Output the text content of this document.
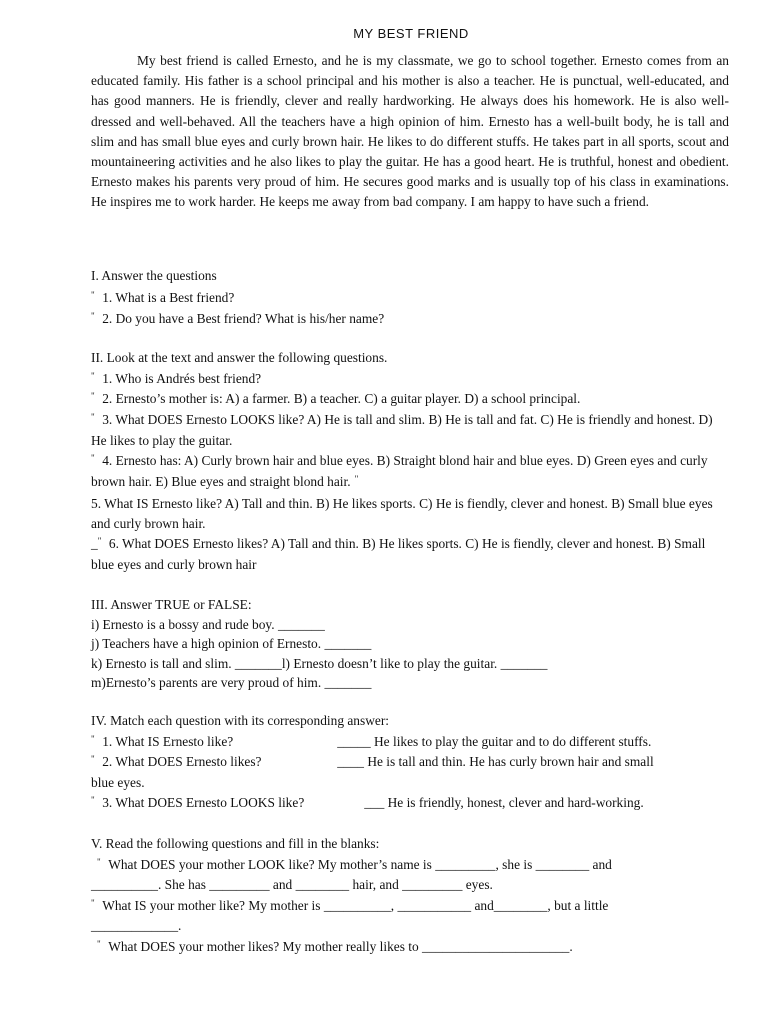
MY BEST FRIEND

My best friend is called Ernesto, and he is my classmate, we go to school together. Ernesto comes from an educated family. His father is a school principal and his mother is also a teacher. He is punctual, well-educated, and has good manners. He is friendly, clever and really hardworking. He always does his homework. He is also well-dressed and well-behaved. All the teachers have a high opinion of him. Ernesto has a well-built body, he is tall and slim and has small blue eyes and curly brown hair. He likes to do different stuffs. He takes part in all sports, scout and mountaineering activities and he also likes to play the guitar. He has a good heart. He is truthful, honest and obedient. Ernesto makes his parents very proud of him. He secures good marks and is usually top of his class in examinations. He inspires me to work harder. He keeps me away from bad company. I am happy to have such a friend.

I. Answer the questions
" 1. What is a Best friend?
" 2. Do you have a Best friend? What is his/her name?
II. Look at the text and answer the following questions.
" 1. Who is Andrés best friend?
" 2. Ernesto’s mother is: A) a farmer. B) a teacher. C) a guitar player. D) a school principal.
" 3. What DOES Ernesto LOOKS like? A) He is tall and slim. B) He is tall and fat. C) He is friendly and honest. D) He likes to play the guitar.
" 4. Ernesto has: A) Curly brown hair and blue eyes. B) Straight blond hair and blue eyes. D) Green eyes and curly brown hair. E) Blue eyes and straight blond hair. "
5. What IS Ernesto like? A) Tall and thin. B) He likes sports. C) He is fiendly, clever and honest. B) Small blue eyes and curly brown hair.
_" 6. What DOES Ernesto likes? A) Tall and thin. B) He likes sports. C) He is fiendly, clever and honest. B) Small blue eyes and curly brown hair
III. Answer TRUE or FALSE:
i) Ernesto is a bossy and rude boy. _______
j) Teachers have a high opinion of Ernesto. _______
k) Ernesto is tall and slim. _______l) Ernesto doesn’t like to play the guitar. _______
m)Ernesto’s parents are very proud of him. _______
IV. Match each question with its corresponding answer:
" 1. What IS Ernesto like?	_____ He likes to play the guitar and to do different stuffs.
" 2. What DOES Ernesto likes?	____ He is tall and thin. He has curly brown hair and small
blue eyes.
" 3. What DOES Ernesto LOOKS like?	___ He is friendly, honest, clever and hard-working.
V. Read the following questions and fill in the blanks:
" What DOES your mother LOOK like? My mother’s name is _________, she is ________ and
__________. She has _________ and ________ hair, and _________ eyes.
" What IS your mother like? My mother is __________, ___________ and________, but a little
_____________.
" What DOES your mother likes? My mother really likes to ______________________.
